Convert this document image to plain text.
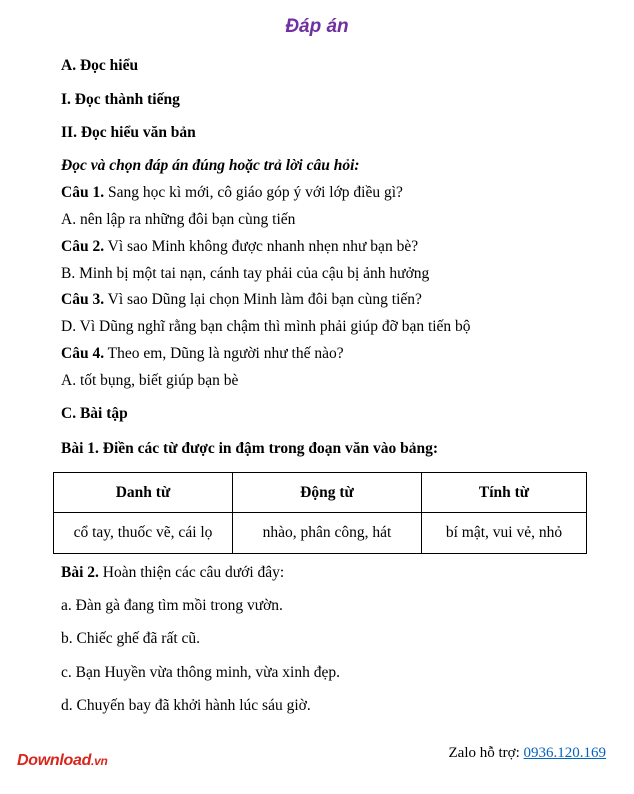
Đáp án
A. Đọc hiểu
I. Đọc thành tiếng
II. Đọc hiểu văn bản
Đọc và chọn đáp án đúng hoặc trả lời câu hỏi:
Câu 1. Sang học kì mới, cô giáo góp ý với lớp điều gì?
A. nên lập ra những đôi bạn cùng tiến
Câu 2. Vì sao Minh không được nhanh nhẹn như bạn bè?
B. Minh bị một tai nạn, cánh tay phải của cậu bị ảnh hưởng
Câu 3. Vì sao Dũng lại chọn Minh làm đôi bạn cùng tiến?
D. Vì Dũng nghĩ rằng bạn chậm thì mình phải giúp đỡ bạn tiến bộ
Câu 4. Theo em, Dũng là người như thế nào?
A. tốt bụng, biết giúp bạn bè
C. Bài tập
Bài 1. Điền các từ được in đậm trong đoạn văn vào bảng:
Danh từ	Động từ	Tính từ
cổ tay, thuốc vẽ, cái lọ	nhào, phân công, hát	bí mật, vui vẻ, nhỏ
Bài 2. Hoàn thiện các câu dưới đây:
a. Đàn gà đang tìm mồi trong vườn.
b. Chiếc ghế đã rất cũ.
c. Bạn Huyền vừa thông minh, vừa xinh đẹp.
d. Chuyến bay đã khởi hành lúc sáu giờ.
Download.vn	Zalo hỗ trợ: 0936.120.169
